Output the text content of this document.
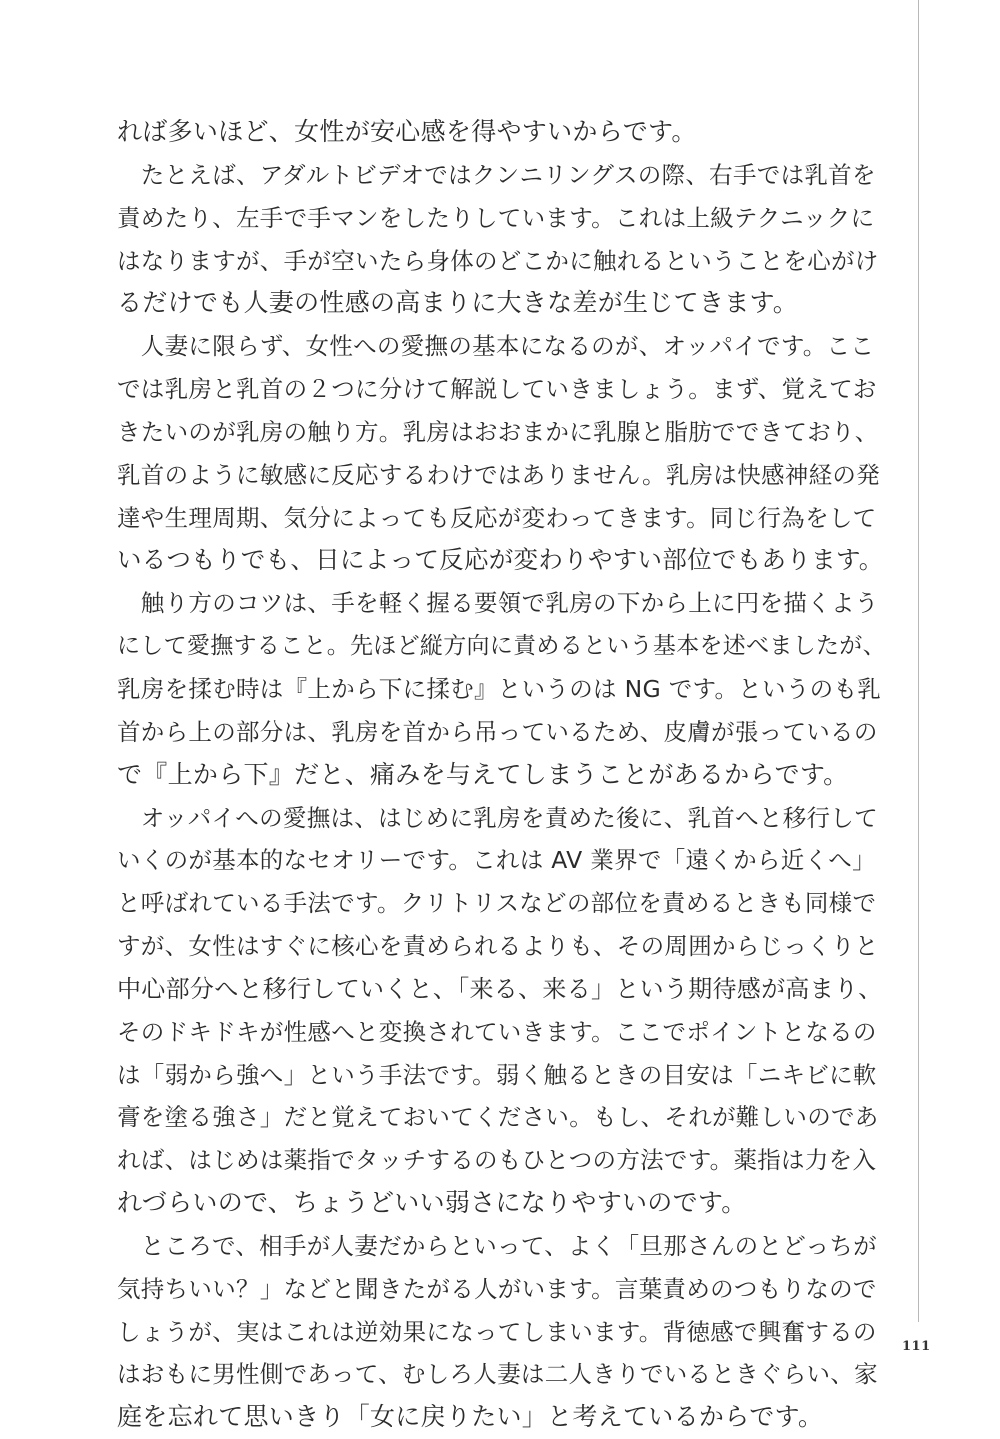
れば多いほど、女性が安心感を得やすいからです。
　たとえば、アダルトビデオではクンニリングスの際、右手では乳首を
責めたり、左手で手マンをしたりしています。これは上級テクニックに
はなりますが、手が空いたら身体のどこかに触れるということを心がけ
るだけでも人妻の性感の高まりに大きな差が生じてきます。
　人妻に限らず、女性への愛撫の基本になるのが、オッパイです。ここ
では乳房と乳首の２つに分けて解説していきましょう。まず、覚えてお
きたいのが乳房の触り方。乳房はおおまかに乳腺と脂肪でできており、
乳首のように敏感に反応するわけではありません。乳房は快感神経の発
達や生理周期、気分によっても反応が変わってきます。同じ行為をして
いるつもりでも、日によって反応が変わりやすい部位でもあります。
　触り方のコツは、手を軽く握る要領で乳房の下から上に円を描くよう
にして愛撫すること。先ほど縦方向に責めるという基本を述べましたが、
乳房を揉む時は『上から下に揉む』というのは NG です。というのも乳
首から上の部分は、乳房を首から吊っているため、皮膚が張っているの
で『上から下』だと、痛みを与えてしまうことがあるからです。
　オッパイへの愛撫は、はじめに乳房を責めた後に、乳首へと移行して
いくのが基本的なセオリーです。これは AV 業界で「遠くから近くへ」
と呼ばれている手法です。クリトリスなどの部位を責めるときも同様で
すが、女性はすぐに核心を責められるよりも、その周囲からじっくりと
中心部分へと移行していくと、「来る、来る」という期待感が高まり、
そのドキドキが性感へと変換されていきます。ここでポイントとなるの
は「弱から強へ」という手法です。弱く触るときの目安は「ニキビに軟
膏を塗る強さ」だと覚えておいてください。もし、それが難しいのであ
れば、はじめは薬指でタッチするのもひとつの方法です。薬指は力を入
れづらいので、ちょうどいい弱さになりやすいのです。
　ところで、相手が人妻だからといって、よく「旦那さんのとどっちが
気持ちいい？」などと聞きたがる人がいます。言葉責めのつもりなので
しょうが、実はこれは逆効果になってしまいます。背徳感で興奮するの
はおもに男性側であって、むしろ人妻は二人きりでいるときぐらい、家
庭を忘れて思いきり「女に戻りたい」と考えているからです。
111
